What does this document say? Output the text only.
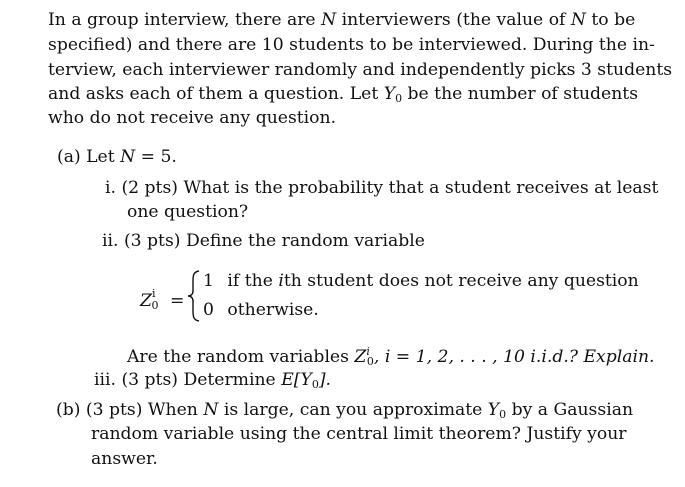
In a group interview, there are N interviewers (the value of N to be
specified) and there are 10 students to be interviewed. During the in-
terview, each interviewer randomly and independently picks 3 students
and asks each of them a question. Let $Y_0$ be the number of students
who do not receive any question.
(a) Let N = 5.
i. (2 pts) What is the probability that a student receives at least
one question?
ii. (3 pts) Define the random variable
$Z^i_0$ =
1 if the ith student does not receive any question
0 otherwise.
Are the random variables $Z^i_0$, i = 1, 2, . . . , 10 i.i.d.? Explain.
iii. (3 pts) Determine $E[Y_0]$.
(b) (3 pts) When N is large, can you approximate $Y_0$ by a Gaussian
random variable using the central limit theorem? Justify your
answer.
